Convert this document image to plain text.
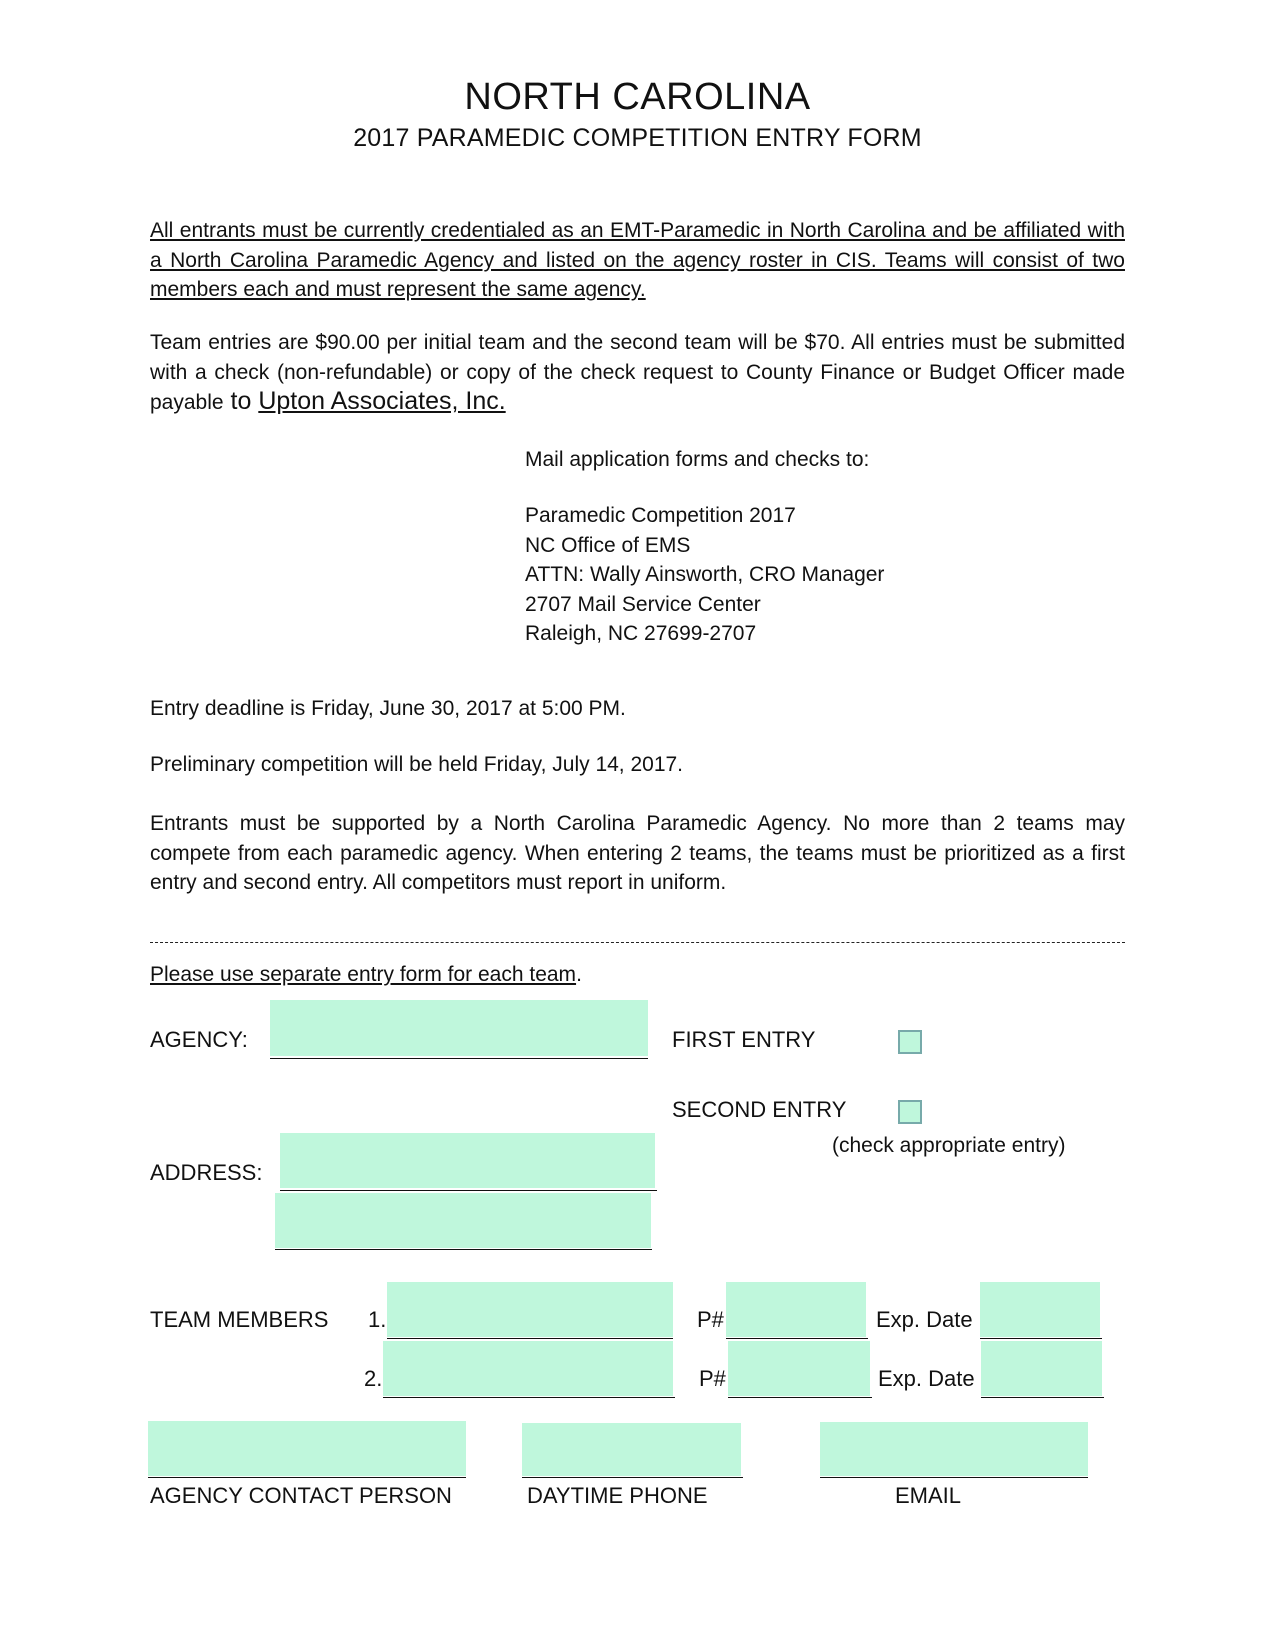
NORTH CAROLINA
2017 PARAMEDIC COMPETITION ENTRY FORM
All entrants must be currently credentialed as an EMT-Paramedic in North Carolina and be affiliated with a North Carolina Paramedic Agency and listed on the agency roster in CIS. Teams will consist of two members each and must represent the same agency.
Team entries are $90.00 per initial team and the second team will be $70. All entries must be submitted with a check (non-refundable) or copy of the check request to County Finance or Budget Officer made payable to Upton Associates, Inc.
Mail application forms and checks to:
Paramedic Competition 2017
NC Office of EMS
ATTN: Wally Ainsworth, CRO Manager
2707 Mail Service Center
Raleigh, NC 27699-2707
Entry deadline is Friday, June 30, 2017 at 5:00 PM.
Preliminary competition will be held Friday, July 14, 2017.
Entrants must be supported by a North Carolina Paramedic Agency. No more than 2 teams may compete from each paramedic agency. When entering 2 teams, the teams must be prioritized as a first entry and second entry. All competitors must report in uniform.
Please use separate entry form for each team.
AGENCY:	FIRST ENTRY
SECOND ENTRY
(check appropriate entry)
ADDRESS:
TEAM MEMBERS 1.	P#	Exp. Date
2.	P#	Exp. Date
AGENCY CONTACT PERSON	DAYTIME PHONE	EMAIL
